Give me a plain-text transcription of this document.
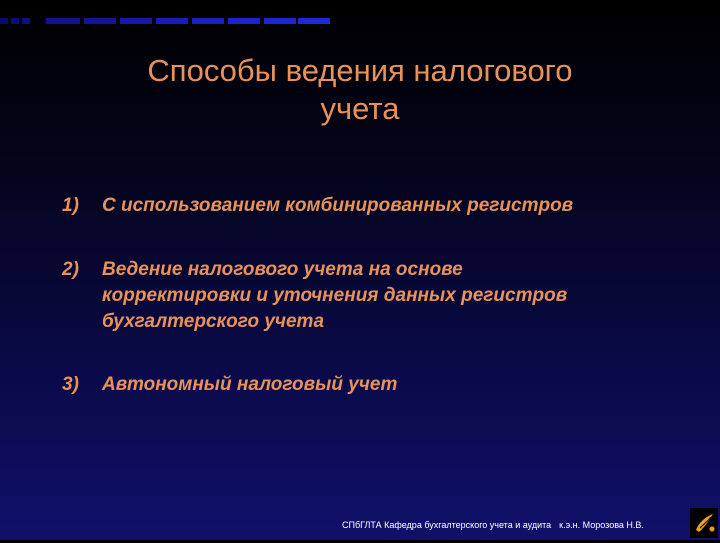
Способы ведения налогового
учета
1) С использованием комбинированных регистров
2) Ведение налогового учета на основе
корректировки и уточнения данных регистров
бухгалтерского учета
3) Автономный налоговый учет
СПбГЛТА Кафедра бухгалтерского учета и аудита к.э.н. Морозова Н.В.
